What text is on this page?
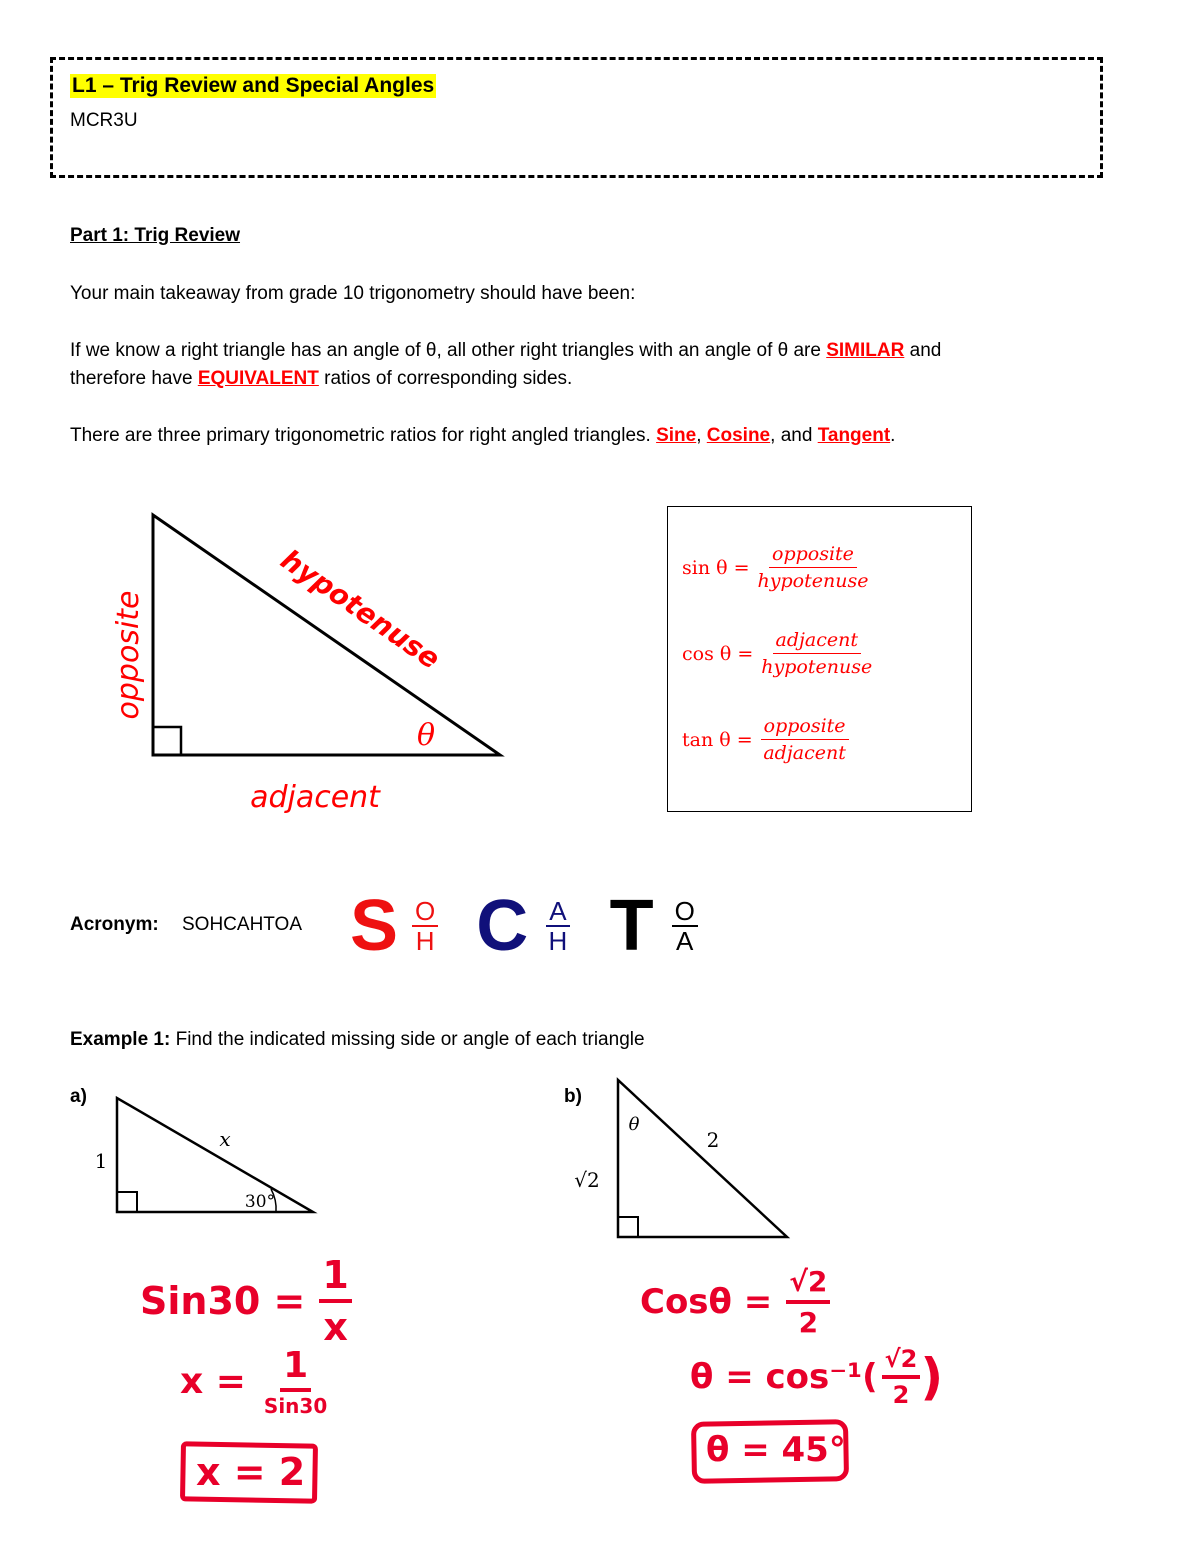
L1 – Trig Review and Special Angles
MCR3U
Part 1: Trig Review
Your main takeaway from grade 10 trigonometry should have been:
If we know a right triangle has an angle of θ, all other right triangles with an angle of θ are SIMILAR and
therefore have EQUIVALENT ratios of corresponding sides.
There are three primary trigonometric ratios for right angled triangles. Sine, Cosine, and Tangent.
opposite	hypotenuse
adjacent
θ
1
x
30°
θ
2
√2
$\sin \theta = \frac{\text{opposite}}{\text{hypotenuse}}$
$\cos \theta = \frac{\text{adjacent}}{\text{hypotenuse}}$
$\tan \theta = \frac{\text{opposite}}{\text{adjacent}}$
Acronym: SOHCAHTOA S O
H C A
H T O
A
Example 1: Find the indicated missing side or angle of each triangle
a)	b)
$Sin30 = \frac{1}{x}$
$x = \frac{1}{\text{Sin30}}$
x = 2
$Cos\theta = \frac{√2}{2}$
$\theta = \cos^{-1}( \frac{√2}{2}$ )
θ = 45°
